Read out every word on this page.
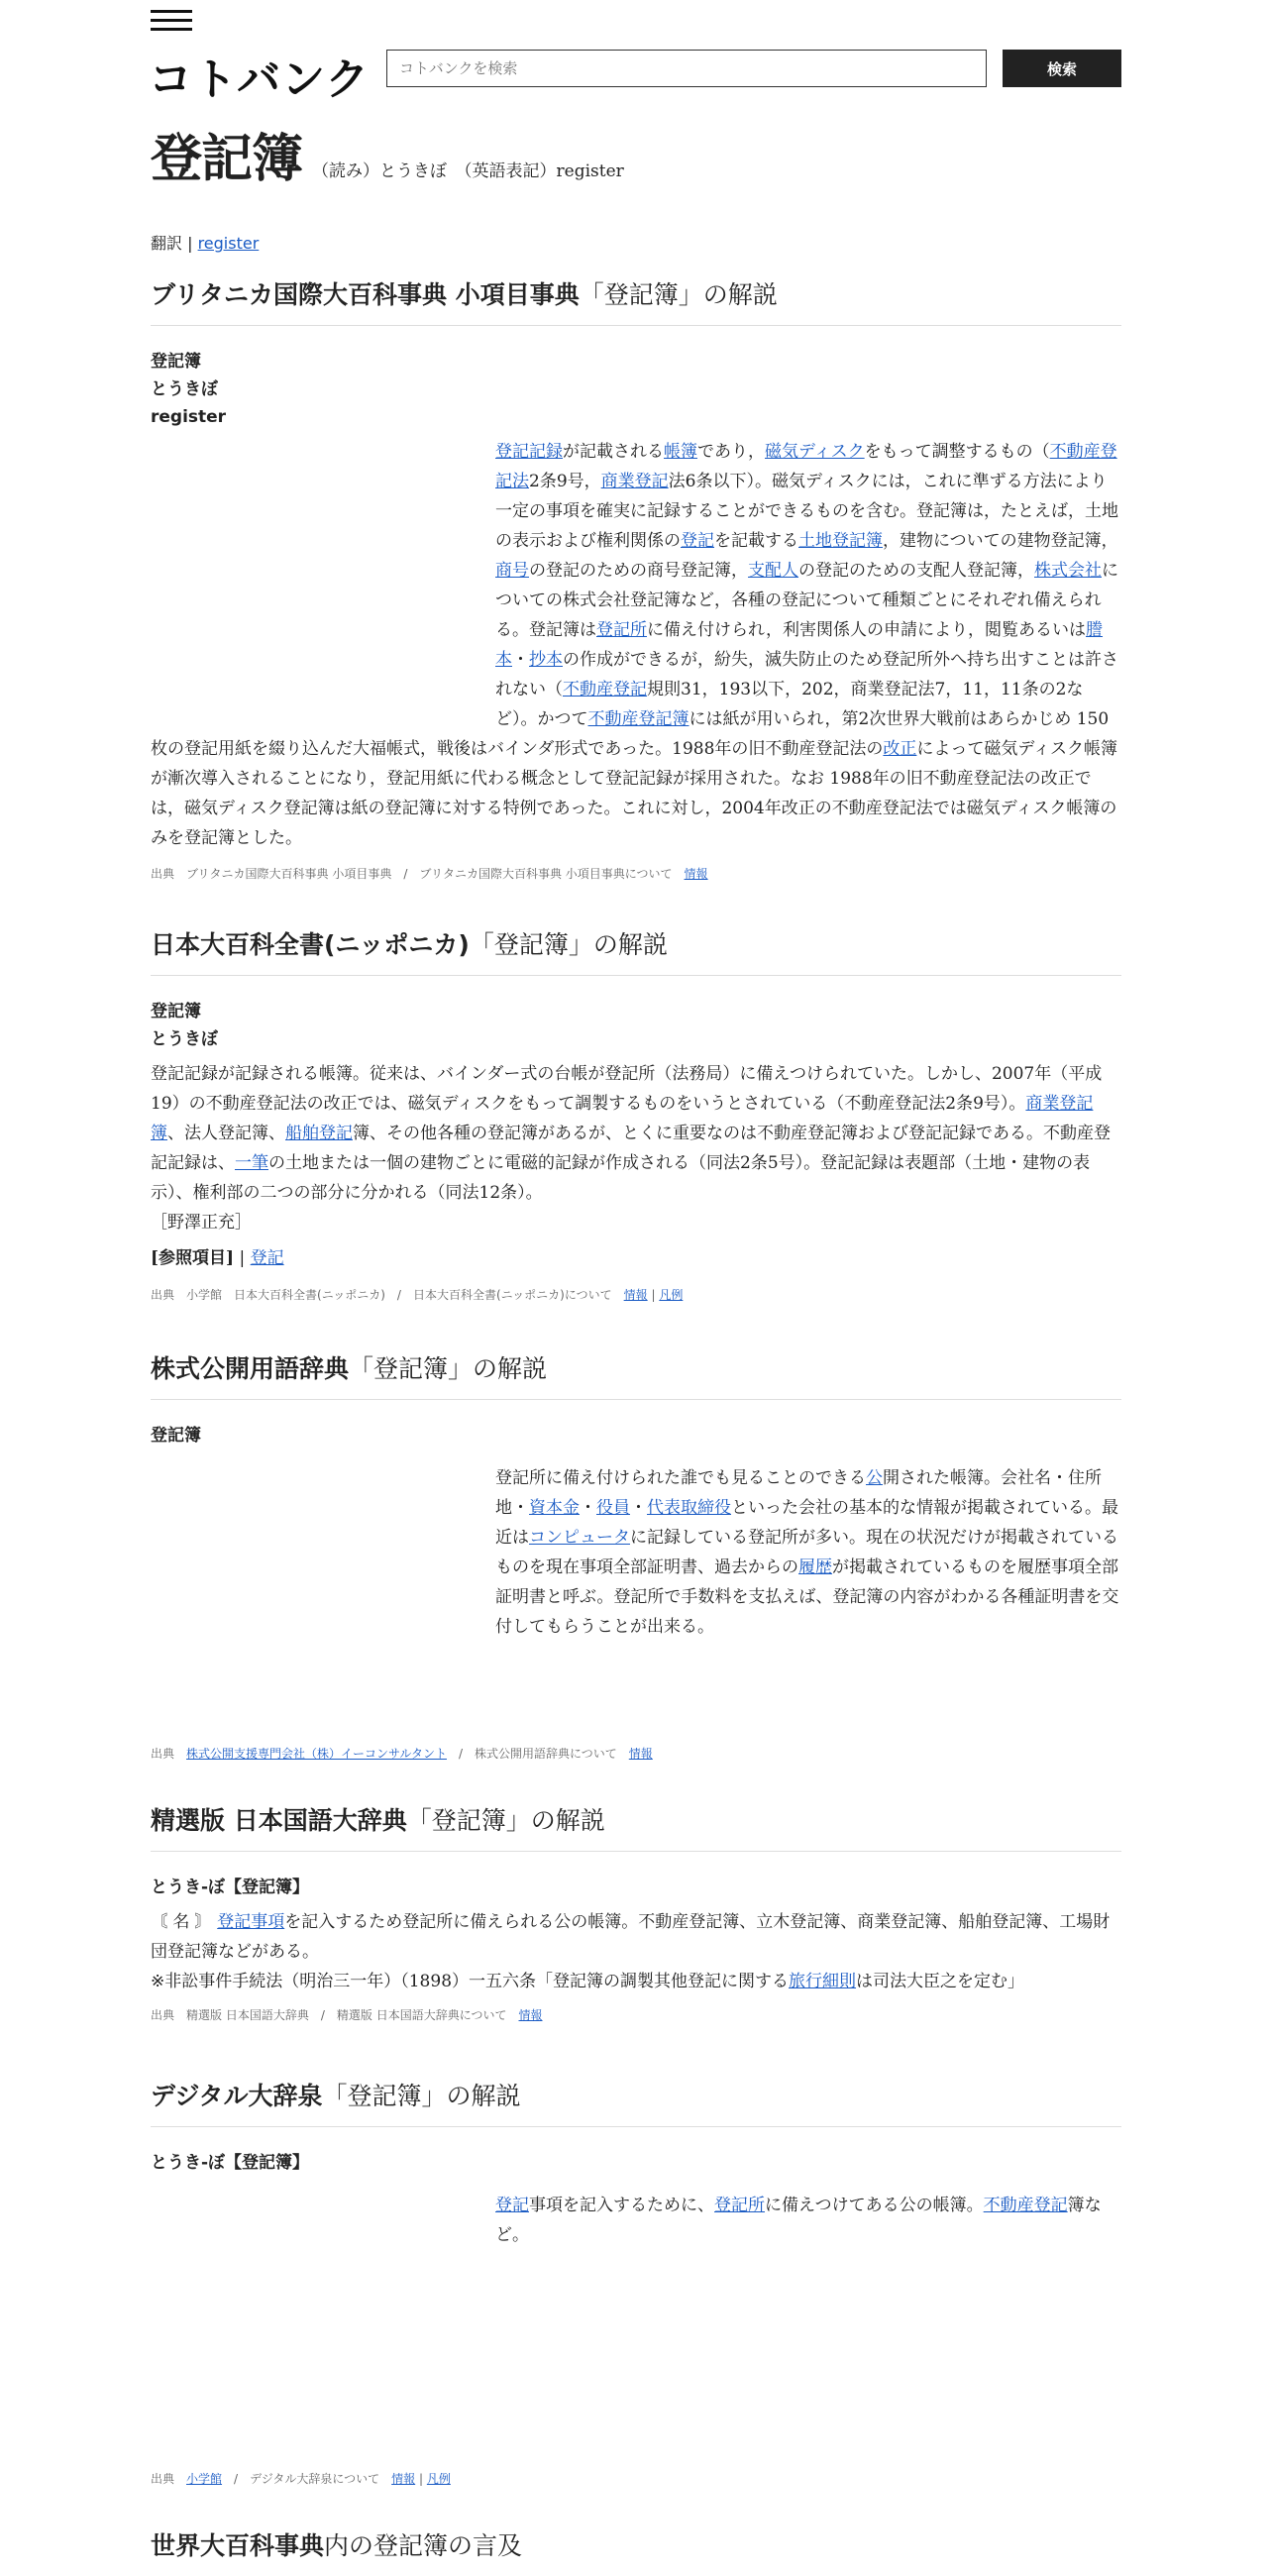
コトバンク
コトバンクを検索	検索
登記簿 （読み）とうきぼ　（英語表記）register
翻訳 | register
ブリタニカ国際大百科事典 小項目事典「登記簿」の解説
登記簿
とうきぼ
register
登記記録が記載される帳簿であり，磁気ディスクをもって調整するもの（不動産登記法2条9号，商業登記法6条以下）。磁気ディスクには，これに準ずる方法により一定の事項を確実に記録することができるものを含む。登記簿は，たとえば，土地の表示および権利関係の登記を記載する土地登記簿，建物についての建物登記簿，商号の登記のための商号登記簿，支配人の登記のための支配人登記簿，株式会社についての株式会社登記簿など，各種の登記について種類ごとにそれぞれ備えられる。登記簿は登記所に備え付けられ，利害関係人の申請により，閲覧あるいは謄本・抄本の作成ができるが，紛失，滅失防止のため登記所外へ持ち出すことは許されない（不動産登記規則31，193以下，202，商業登記法7，11，11条の2など）。かつて不動産登記簿には紙が用いられ，第2次世界大戦前はあらかじめ 150枚の登記用紙を綴り込んだ大福帳式，戦後はバインダ形式であった。1988年の旧不動産登記法の改正によって磁気ディスク帳簿が漸次導入されることになり，登記用紙に代わる概念として登記記録が採用された。なお 1988年の旧不動産登記法の改正では，磁気ディスク登記簿は紙の登記簿に対する特例であった。これに対し，2004年改正の不動産登記法では磁気ディスク帳簿のみを登記簿とした。
出典　 ブリタニカ国際大百科事典 小項目事典　/　ブリタニカ国際大百科事典 小項目事典について　 情報
日本大百科全書(ニッポニカ)「登記簿」の解説
登記簿
とうきぼ
登記記録が記録される帳簿。従来は、バインダー式の台帳が登記所（法務局）に備えつけられていた。しかし、2007年（平成19）の不動産登記法の改正では、磁気ディスクをもって調製するものをいうとされている（不動産登記法2条9号）。商業登記簿、法人登記簿、船舶登記簿、その他各種の登記簿があるが、とくに重要なのは不動産登記簿および登記記録である。不動産登記記録は、一筆の土地または一個の建物ごとに電磁的記録が作成される（同法2条5号）。登記記録は表題部（土地・建物の表示）、権利部の二つの部分に分かれる（同法12条）。
［野澤正充］
[参照項目] | 登記
出典　 小学館　日本大百科全書(ニッポニカ)　/　日本大百科全書(ニッポニカ)について　 情報 | 凡例
株式公開用語辞典「登記簿」の解説
登記簿
登記所に備え付けられた誰でも見ることのできる公開された帳簿。会社名・住所地・資本金・役員・代表取締役といった会社の基本的な情報が掲載されている。最近はコンピュータに記録している登記所が多い。現在の状況だけが掲載されているものを現在事項全部証明書、過去からの履歴が掲載されているものを履歴事項全部証明書と呼ぶ。登記所で手数料を支払えば、登記簿の内容がわかる各種証明書を交付してもらうことが出来る。
出典　 株式公開支援専門会社（株）イーコンサルタント　/　株式公開用語辞典について　 情報
精選版 日本国語大辞典「登記簿」の解説
とうき‐ぼ【登記簿】
〘 名 〙 登記事項を記入するため登記所に備えられる公の帳簿。不動産登記簿、立木登記簿、商業登記簿、船舶登記簿、工場財団登記簿などがある。
※非訟事件手続法（明治三一年）（1898）一五六条「登記簿の調製其他登記に関する旅行細則は司法大臣之を定む」
出典　 精選版 日本国語大辞典　/　精選版 日本国語大辞典について　 情報
デジタル大辞泉「登記簿」の解説
とうき‐ぼ【登記簿】
登記事項を記入するために、登記所に備えつけてある公の帳簿。不動産登記簿など。
出典　 小学館　/　デジタル大辞泉について　 情報 | 凡例
世界大百科事典内の登記簿の言及
